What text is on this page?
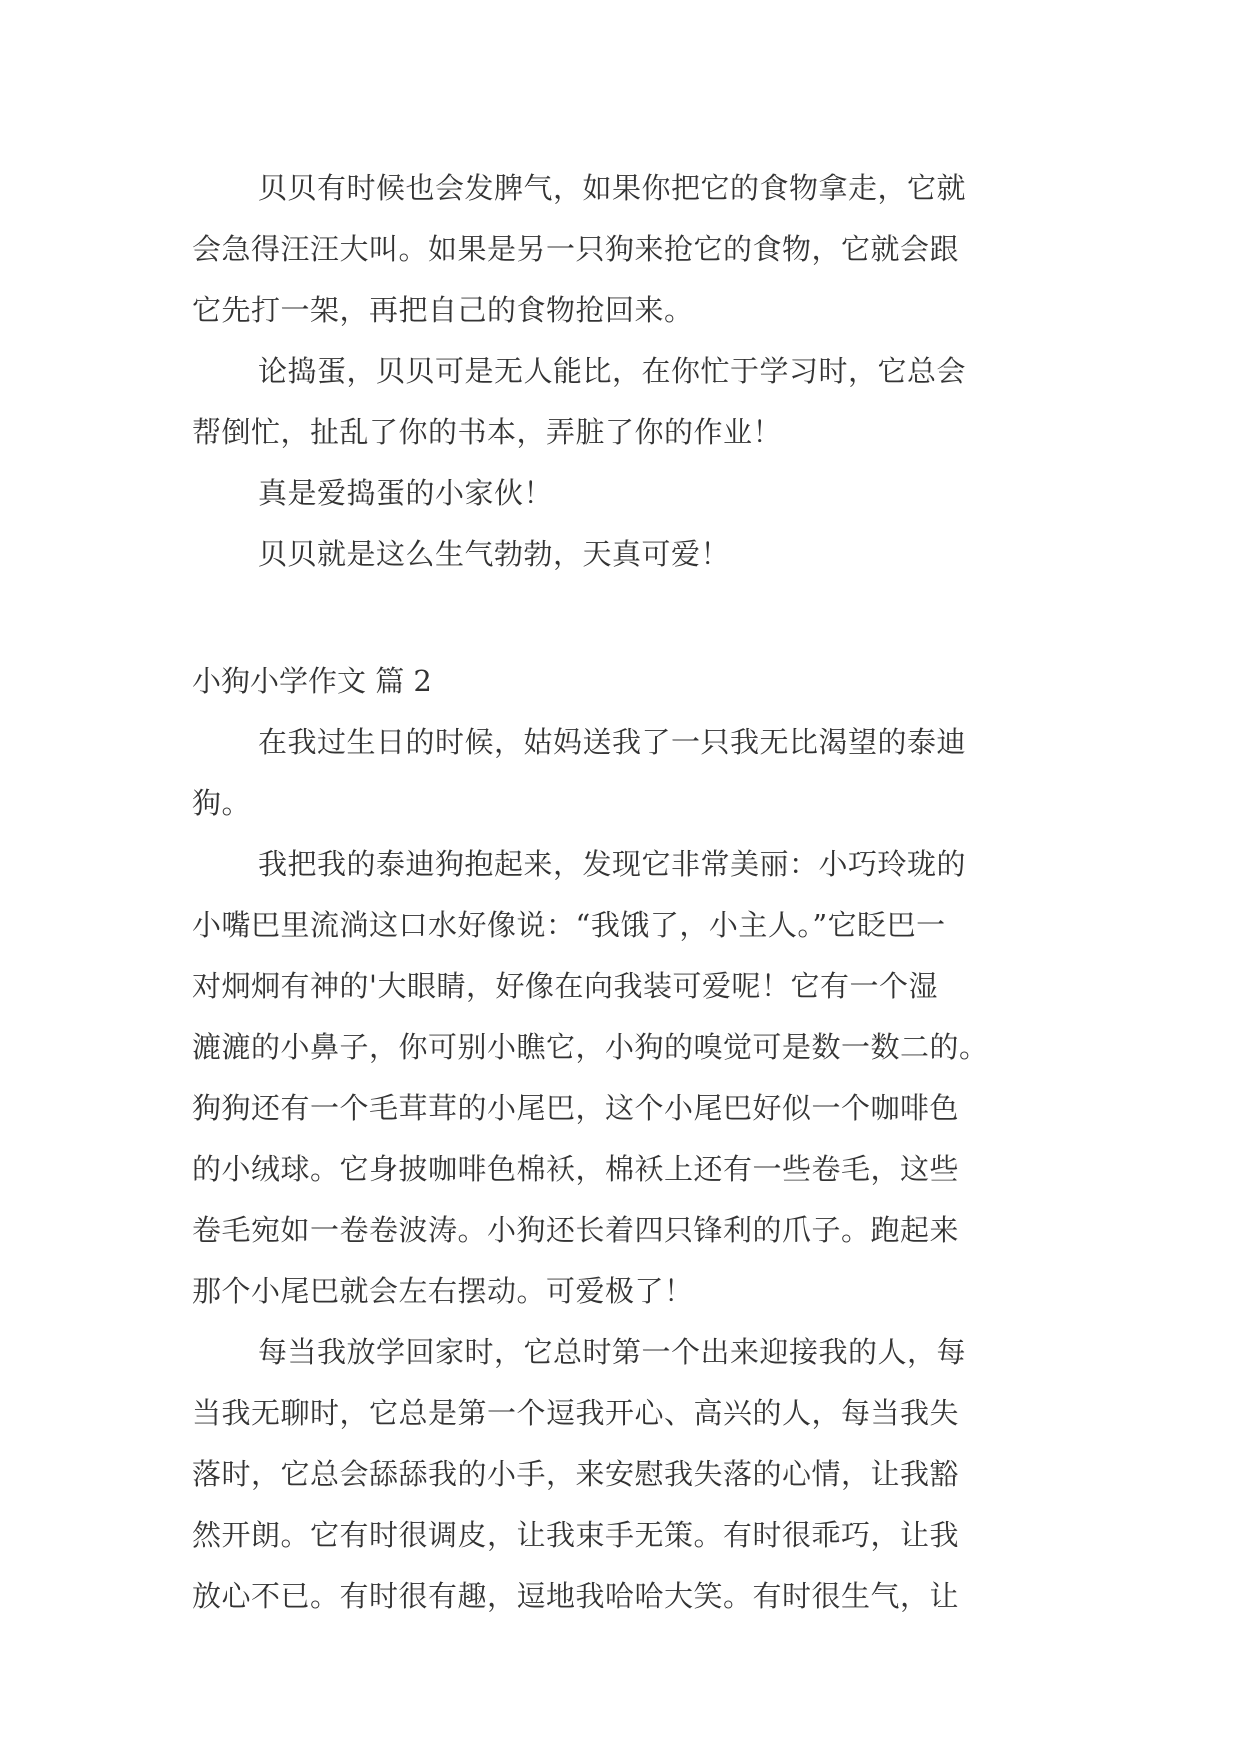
贝贝有时候也会发脾气，如果你把它的食物拿走，它就
会急得汪汪大叫。如果是另一只狗来抢它的食物，它就会跟
它先打一架，再把自己的食物抢回来。
论捣蛋，贝贝可是无人能比，在你忙于学习时，它总会
帮倒忙，扯乱了你的书本，弄脏了你的作业！
真是爱捣蛋的小家伙！
贝贝就是这么生气勃勃，天真可爱！
小狗小学作文 篇 2
在我过生日的时候，姑妈送我了一只我无比渴望的泰迪
狗。
我把我的泰迪狗抱起来，发现它非常美丽：小巧玲珑的
小嘴巴里流淌这口水好像说：“我饿了，小主人。”它眨巴一
对炯炯有神的'大眼睛，好像在向我装可爱呢！它有一个湿
漉漉的小鼻子，你可别小瞧它，小狗的嗅觉可是数一数二的。
狗狗还有一个毛茸茸的小尾巴，这个小尾巴好似一个咖啡色
的小绒球。它身披咖啡色棉袄，棉袄上还有一些卷毛，这些
卷毛宛如一卷卷波涛。小狗还长着四只锋利的爪子。跑起来
那个小尾巴就会左右摆动。可爱极了！
每当我放学回家时，它总时第一个出来迎接我的人，每
当我无聊时，它总是第一个逗我开心、高兴的人，每当我失
落时，它总会舔舔我的小手，来安慰我失落的心情，让我豁
然开朗。它有时很调皮，让我束手无策。有时很乖巧，让我
放心不已。有时很有趣，逗地我哈哈大笑。有时很生气，让
